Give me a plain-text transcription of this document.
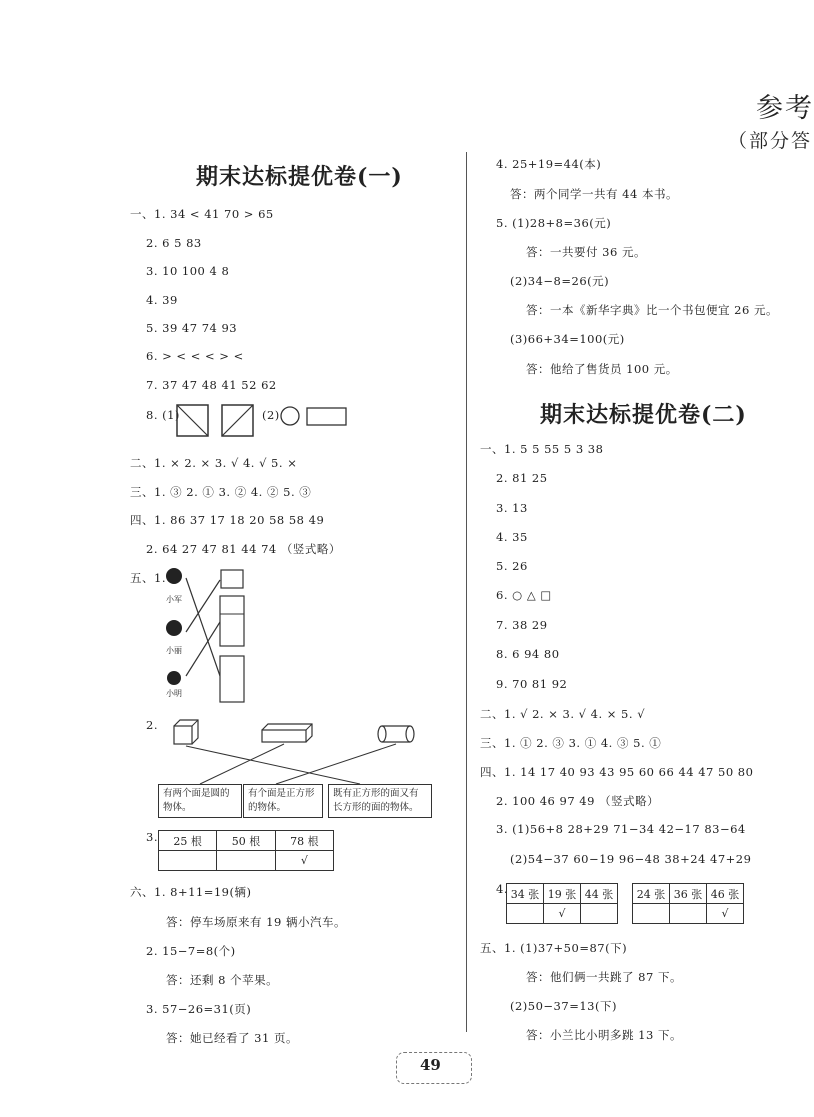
参考
（部分答
期末达标提优卷(一)
一、1. 34 < 41 70 > 65
2. 6 5 83
3. 10 100 4 8
4. 39
5. 39 47 74 93
6. > < < < > <
7. 37 47 48 41 52 62
8. (1)	(2)
二、1. × 2. × 3. √ 4. √ 5. ×
三、1. ③ 2. ① 3. ② 4. ② 5. ③
四、1. 86 37 17 18 20 58 58 49
2. 64 27 47 81 44 74 （竖式略）
五、1.
小军
小丽
小明
2.
有两个面是圆的物体。
有个面是正方形的物体。
既有正方形的面又有长方形的面的物体。
3. 25 根	50 根	78 根
		√
六、1. 8+11=19(辆)
答：停车场原来有 19 辆小汽车。
2. 15−7=8(个)
答：还剩 8 个苹果。
3. 57−26=31(页)
答：她已经看了 31 页。
4. 25+19=44(本)
答：两个同学一共有 44 本书。
5. (1)28+8=36(元)
答：一共要付 36 元。
(2)34−8=26(元)
答：一本《新华字典》比一个书包便宜 26 元。
(3)66+34=100(元)
答：他给了售货员 100 元。
期末达标提优卷(二)
一、1. 5 5 55 5 3 38
2. 81 25
3. 13
4. 35
5. 26
6. ○ △ □
7. 38 29
8. 6 94 80
9. 70 81 92
二、1. √ 2. × 3. √ 4. × 5. √
三、1. ① 2. ③ 3. ① 4. ③ 5. ①
四、1. 14 17 40 93 43 95 60 66 44 47 50 80
2. 100 46 97 49 （竖式略）
3. (1)56+8 28+29 71−34 42−17 83−64
(2)54−37 60−19 96−48 38+24 47+29
4. 34 张	19 张	44 张
	√	
24 张	36 张	46 张
		√
五、1. (1)37+50=87(下)
答：他们俩一共跳了 87 下。
(2)50−37=13(下)
答：小兰比小明多跳 13 下。
49
